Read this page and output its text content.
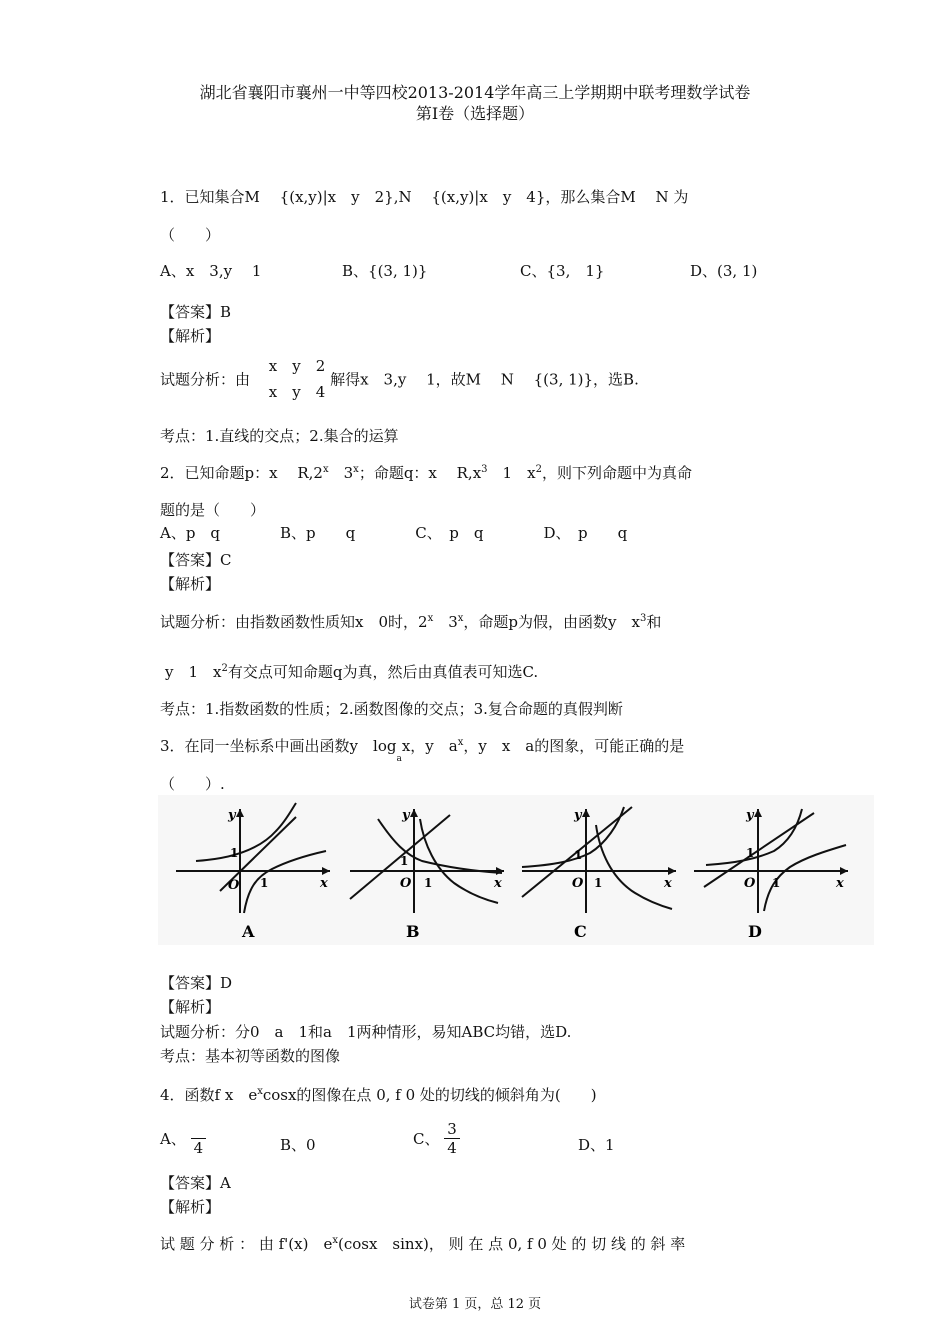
湖北省襄阳市襄州一中等四校2013-2014学年高三上学期期中联考理数学试卷
第Ⅰ卷（选择题）
1．已知集合M　 {(x,y)|x　y　2},N　 {(x,y)|x　y　4}，那么集合M　 N 为
（　　）
A、x　3,y　 1	B、{(3, 1)}	C、{3,　1}	D、(3, 1)
【答案】B
【解析】
试题分析：由
x　y　2
x　y　4
解得x　3,y　 1，故M　 N　 {(3, 1)}，选B.
考点：1.直线的交点；2.集合的运算
2．已知命题p：x　 R,2$^x$　3$^x$；命题q：x　 $R,x^3$　1　$x^2$，则下列命题中为真命
题的是（　　）
A、p　q　　　　B、p　　q　　　　C、　p　q　　　　D、　p　　q
【答案】C
【解析】
试题分析：由指数函数性质知x　0时，2$^x$　3$^x$，命题p为假，由函数y　$x^3$和
y　1　$x^2$有交点可知命题q为真，然后由真值表可知选C.
考点：1.指数函数的性质；2.函数图像的交点；3.复合命题的真假判断
3．在同一坐标系中画出函数y　$\log_ax$，y　$a^x$，y　x　a的图象，可能正确的是
（　　）.
y
x
O
1
1
A
y
x
O
1
1
B
y
x
O
1
1
C
y
x
O
1
1
D
【答案】D
【解析】
试题分析：分0　a　1和a　1两种情形，易知ABC均错，选D.
考点：基本初等函数的图像
4．函数f x　$e^x\cos x$的图像在点 0, f 0 处的切线的倾斜角为(　　)
A、
4	B、0	C、 $\frac{3}{4}$	D、1
【答案】A
【解析】
试 题 分 析 ： 由 f'(x)　$e^x(\cos x$　sinx)， 则 在 点 0, f 0 处 的 切 线 的 斜 率
试卷第 1 页，总 12 页
